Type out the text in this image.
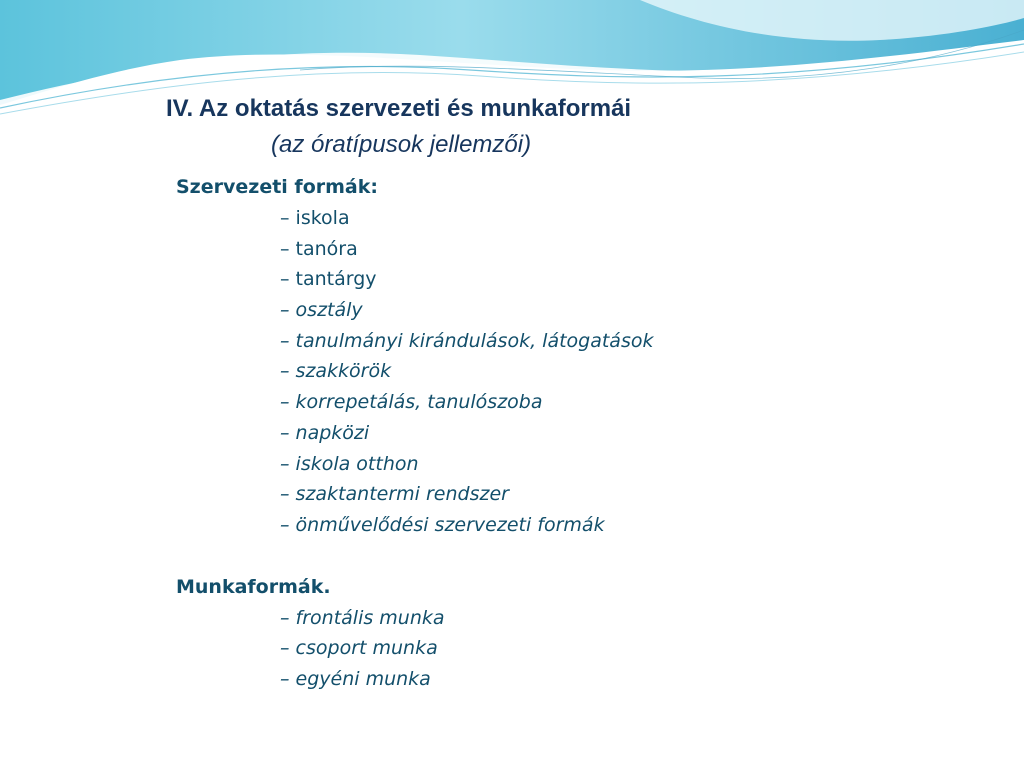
IV. Az oktatás szervezeti és munkaformái
(az óratípusok jellemzői)
Szervezeti formák:
– iskola
– tanóra
– tantárgy
– osztály
– tanulmányi kirándulások, látogatások
– szakkörök
– korrepetálás, tanulószoba
– napközi
– iskola otthon
– szaktantermi rendszer
– önművelődési szervezeti formák
Munkaformák.
– frontális munka
– csoport munka
– egyéni munka
